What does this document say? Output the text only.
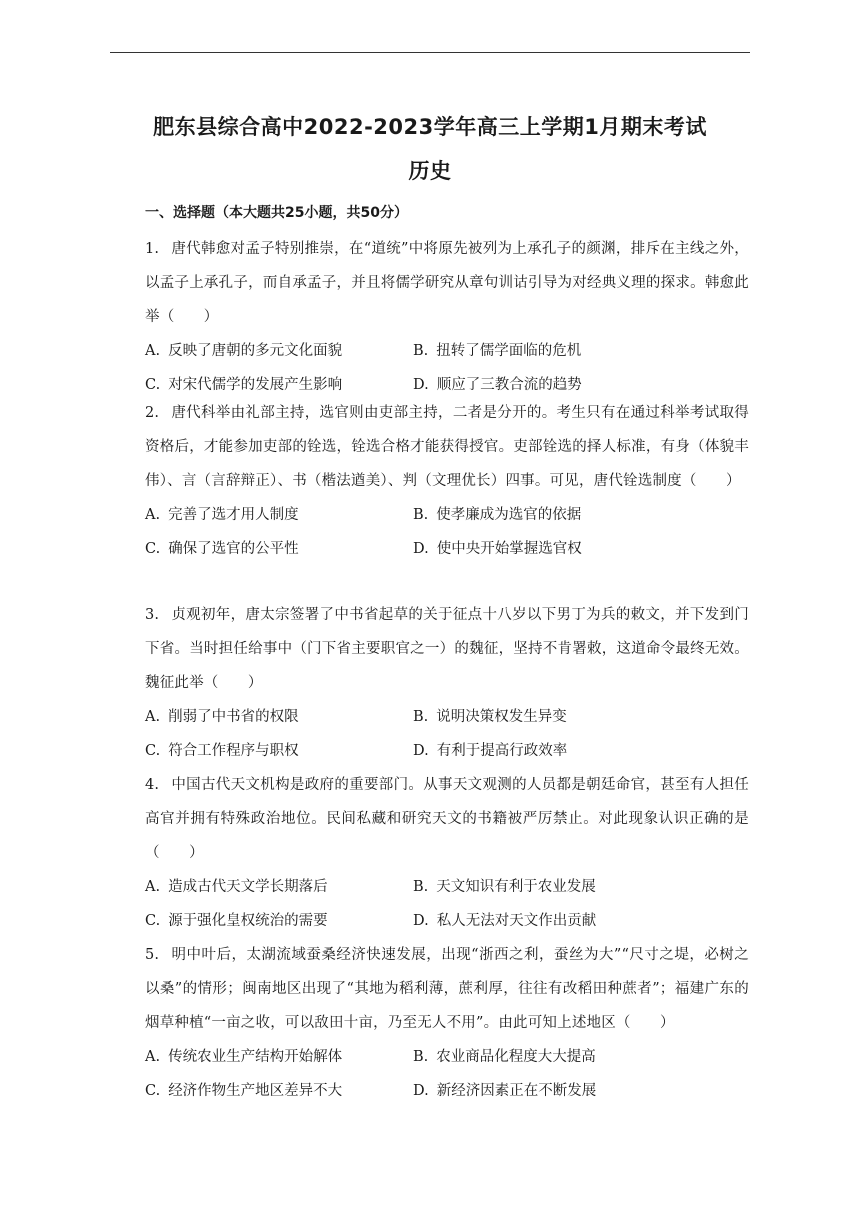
肥东县综合高中2022-2023学年高三上学期1月期末考试
历史
一、选择题（本大题共25小题，共50分）
1. 唐代韩愈对孟子特别推崇，在“道统”中将原先被列为上承孔子的颜渊，排斥在主线之外，以孟子上承孔子，而自承孟子，并且将儒学研究从章句训诂引导为对经典义理的探求。韩愈此举（　　）
A. 反映了唐朝的多元文化面貌	B. 扭转了儒学面临的危机
C. 对宋代儒学的发展产生影响	D. 顺应了三教合流的趋势
2. 唐代科举由礼部主持，选官则由吏部主持，二者是分开的。考生只有在通过科举考试取得资格后，才能参加吏部的铨选，铨选合格才能获得授官。吏部铨选的择人标准，有身（体貌丰伟）、言（言辞辩正）、书（楷法遒美）、判（文理优长）四事。可见，唐代铨选制度（　　）
A. 完善了选才用人制度	B. 使孝廉成为选官的依据
C. 确保了选官的公平性	D. 使中央开始掌握选官权
3. 贞观初年，唐太宗签署了中书省起草的关于征点十八岁以下男丁为兵的敕文，并下发到门下省。当时担任给事中（门下省主要职官之一）的魏征，坚持不肯署敕，这道命令最终无效。魏征此举（　　）
A. 削弱了中书省的权限	B. 说明决策权发生异变
C. 符合工作程序与职权	D. 有利于提高行政效率
4. 中国古代天文机构是政府的重要部门。从事天文观测的人员都是朝廷命官，甚至有人担任高官并拥有特殊政治地位。民间私藏和研究天文的书籍被严厉禁止。对此现象认识正确的是（　　）
A. 造成古代天文学长期落后	B. 天文知识有利于农业发展
C. 源于强化皇权统治的需要	D. 私人无法对天文作出贡献
5. 明中叶后，太湖流域蚕桑经济快速发展，出现“浙西之利，蚕丝为大”“尺寸之堤，必树之以桑”的情形；闽南地区出现了“其地为稻利薄，蔗利厚，往往有改稻田种蔗者”；福建广东的烟草种植“一亩之收，可以敌田十亩，乃至无人不用”。由此可知上述地区（　　）
A. 传统农业生产结构开始解体	B. 农业商品化程度大大提高
C. 经济作物生产地区差异不大	D. 新经济因素正在不断发展
